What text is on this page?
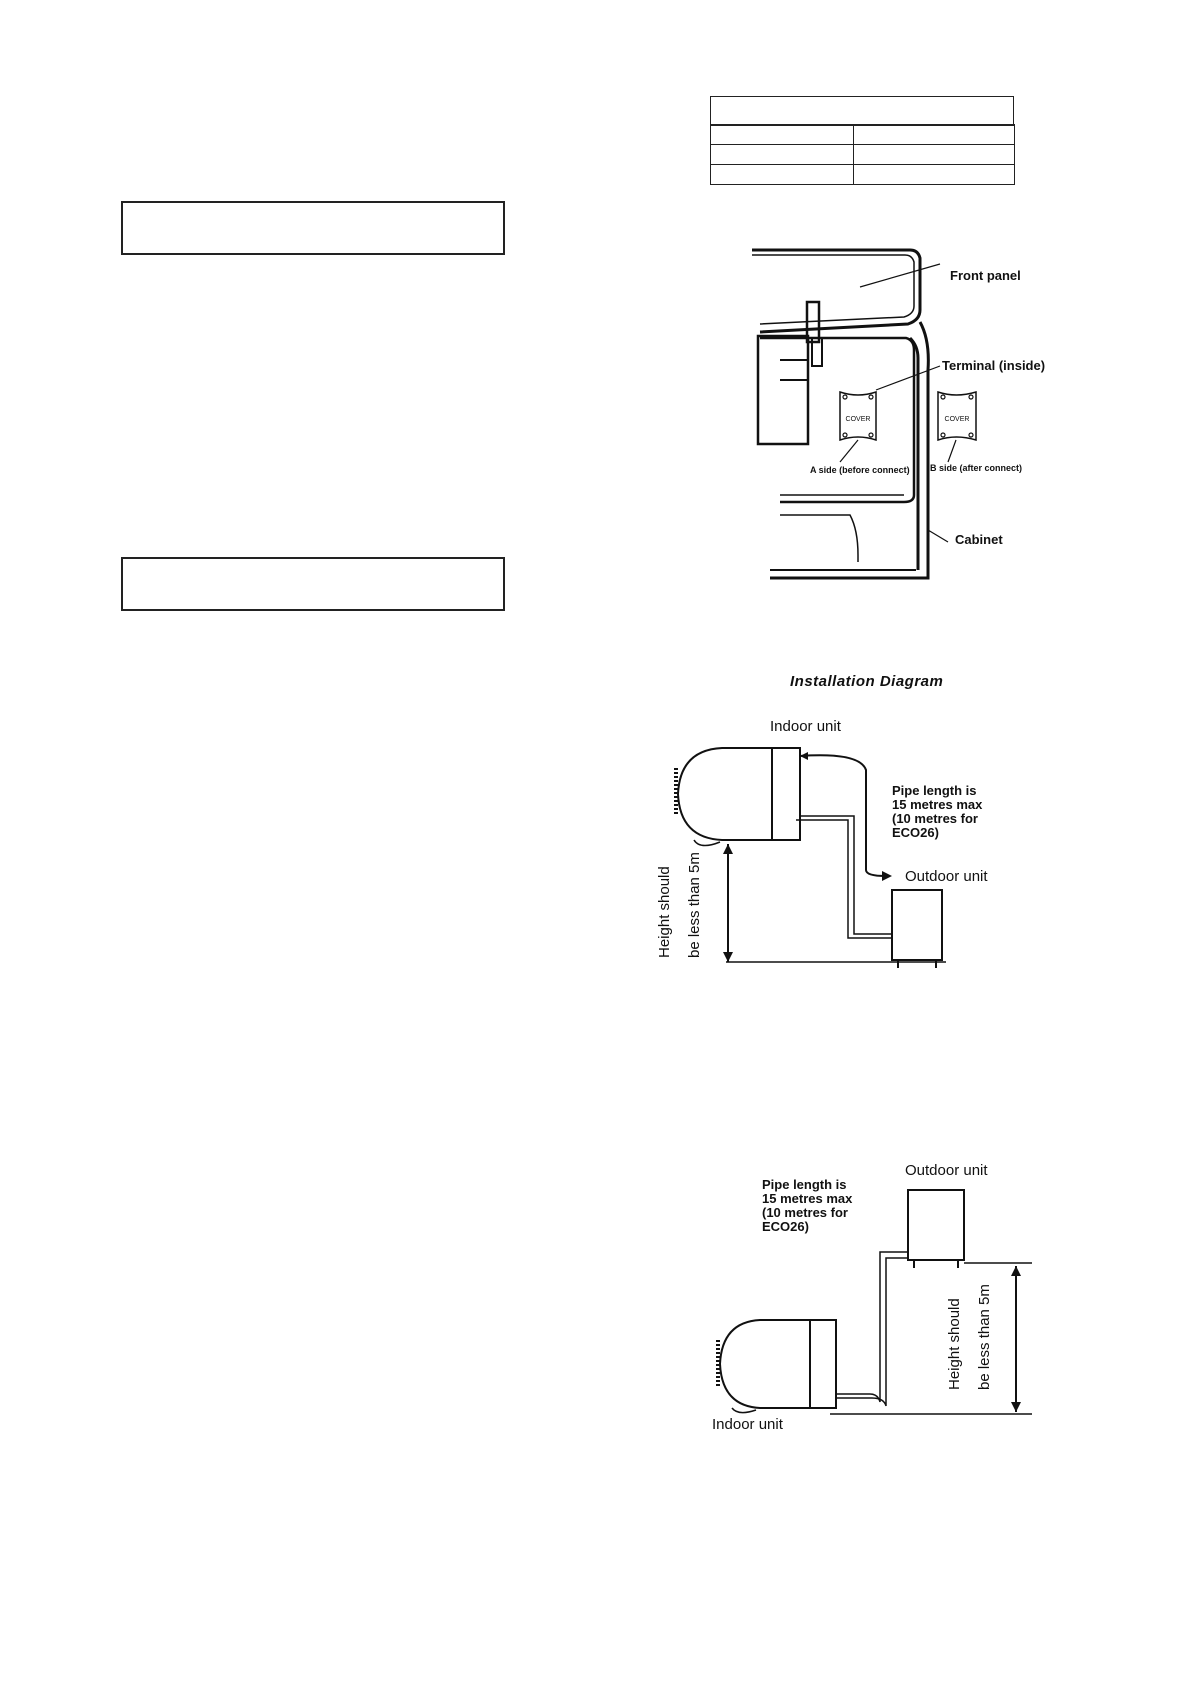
COVER	COVER
Front panel
Terminal (inside)
A side (before connect) B side (after connect)
Cabinet
Installation Diagram
Height should be less than 5m
Indoor unit
Outdoor unit
Pipe length is
15 metres max
(10 metres for
ECO26)
Height should be less than 5m
Outdoor unit
Indoor unit
Pipe length is
15 metres max
(10 metres for
ECO26)
